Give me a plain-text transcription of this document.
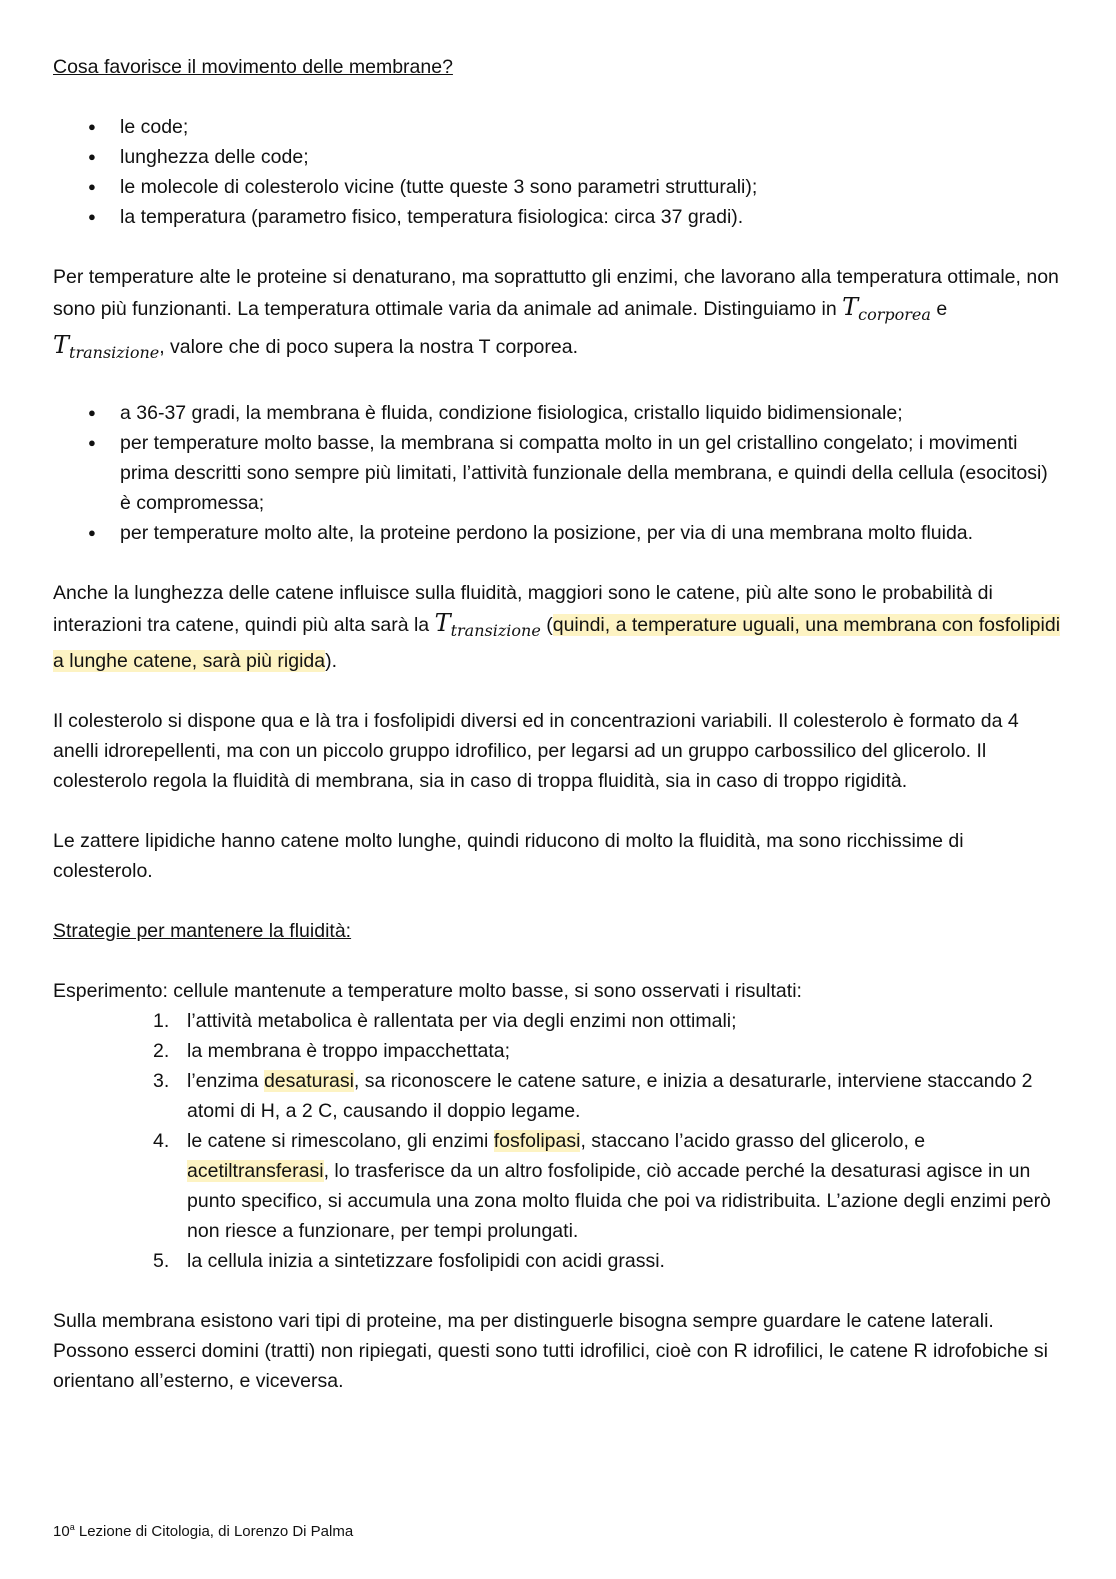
Cosa favorisce il movimento delle membrane?

● le code;
● lunghezza delle code;
● le molecole di colesterolo vicine (tutte queste 3 sono parametri strutturali);
● la temperatura (parametro fisico, temperatura fisiologica: circa 37 gradi).

Per temperature alte le proteine si denaturano, ma soprattutto gli enzimi, che lavorano alla temperatura ottimale, non sono più funzionanti. La temperatura ottimale varia da animale ad animale. Distinguiamo in $T_{corporea}$ e $T_{transizione}$, valore che di poco supera la nostra T corporea.

● a 36-37 gradi, la membrana è fluida, condizione fisiologica, cristallo liquido bidimensionale;
● per temperature molto basse, la membrana si compatta molto in un gel cristallino congelato; i movimenti prima descritti sono sempre più limitati, l’attività funzionale della membrana, e quindi della cellula (esocitosi) è compromessa;
● per temperature molto alte, la proteine perdono la posizione, per via di una membrana molto fluida.

Anche la lunghezza delle catene influisce sulla fluidità, maggiori sono le catene, più alte sono le probabilità di interazioni tra catene, quindi più alta sarà la $T_{transizione}$ (quindi, a temperature uguali, una membrana con fosfolipidi a lunghe catene, sarà più rigida).

Il colesterolo si dispone qua e là tra i fosfolipidi diversi ed in concentrazioni variabili. Il colesterolo è formato da 4 anelli idrorepellenti, ma con un piccolo gruppo idrofilico, per legarsi ad un gruppo carbossilico del glicerolo. Il colesterolo regola la fluidità di membrana, sia in caso di troppa fluidità, sia in caso di troppo rigidità.

Le zattere lipidiche hanno catene molto lunghe, quindi riducono di molto la fluidità, ma sono ricchissime di colesterolo.

Strategie per mantenere la fluidità:

Esperimento: cellule mantenute a temperature molto basse, si sono osservati i risultati:

1. l’attività metabolica è rallentata per via degli enzimi non ottimali;
2. la membrana è troppo impacchettata;
3. l’enzima desaturasi, sa riconoscere le catene sature, e inizia a desaturarle, interviene staccando 2 atomi di H, a 2 C, causando il doppio legame.
4. le catene si rimescolano, gli enzimi fosfolipasi, staccano l’acido grasso del glicerolo, e acetiltransferasi, lo trasferisce da un altro fosfolipide, ciò accade perché la desaturasi agisce in un punto specifico, si accumula una zona molto fluida che poi va ridistribuita. L’azione degli enzimi però non riesce a funzionare, per tempi prolungati.
5. la cellula inizia a sintetizzare fosfolipidi con acidi grassi.

Sulla membrana esistono vari tipi di proteine, ma per distinguerle bisogna sempre guardare le catene laterali. Possono esserci domini (tratti) non ripiegati, questi sono tutti idrofilici, cioè con R idrofilici, le catene R idrofobiche si orientano all’esterno, e viceversa.

10$^a$ Lezione di Citologia, di Lorenzo Di Palma
